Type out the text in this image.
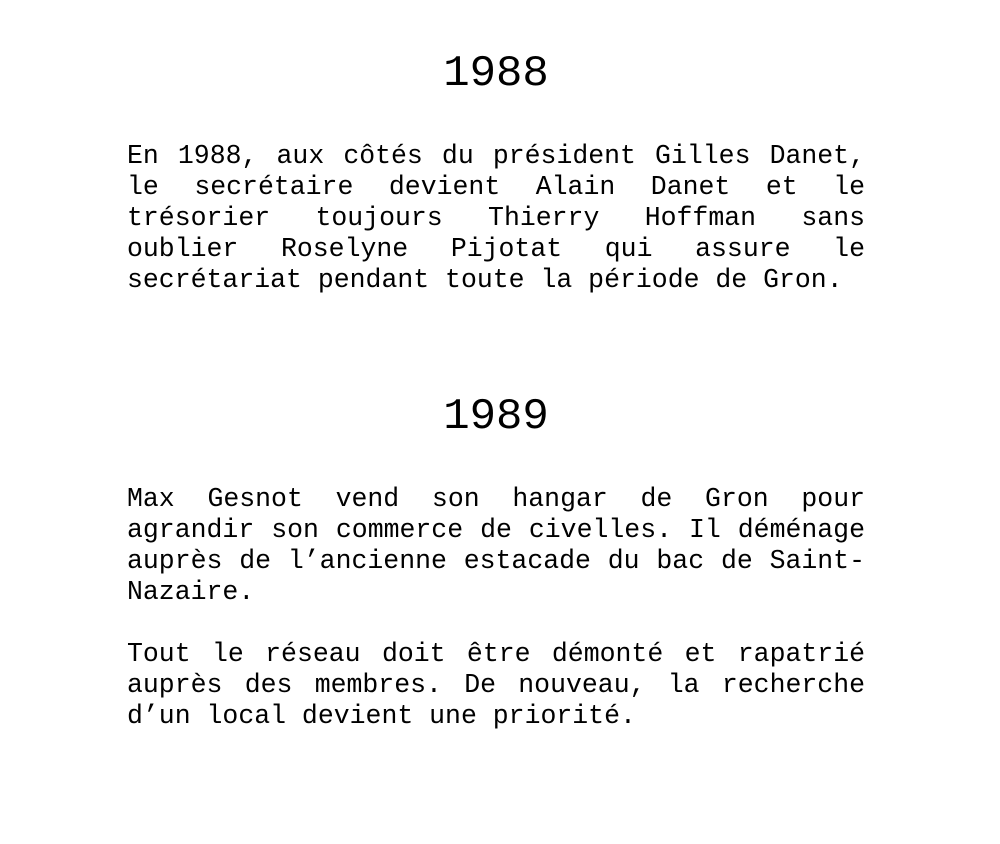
1988

En 1988, aux côtés du président Gilles Danet, le secrétaire devient Alain Danet et le trésorier toujours Thierry Hoffman sans oublier Roselyne Pijotat qui assure le secrétariat pendant toute la période de Gron.

1989

Max Gesnot vend son hangar de Gron pour agrandir son commerce de civelles. Il déménage auprès de l’ancienne estacade du bac de Saint-Nazaire.

Tout le réseau doit être démonté et rapatrié auprès des membres. De nouveau, la recherche d’un local devient une priorité.
